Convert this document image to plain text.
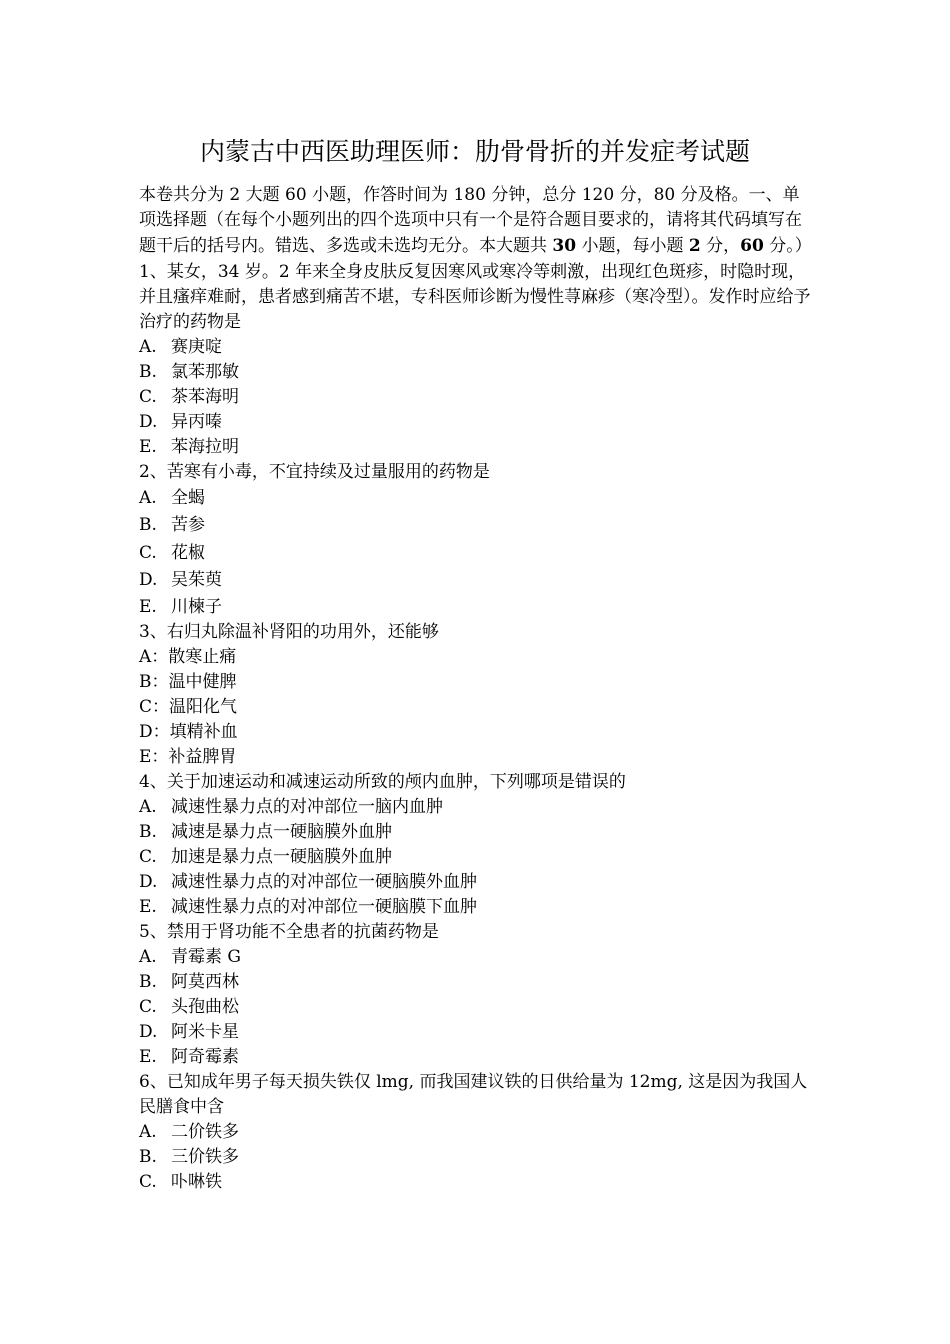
内蒙古中西医助理医师：肋骨骨折的并发症考试题

本卷共分为 2 大题 60 小题，作答时间为 180 分钟，总分 120 分，80 分及格。一、单项选择题（在每个小题列出的四个选项中只有一个是符合题目要求的，请将其代码填写在题干后的括号内。错选、多选或未选均无分。本大题共 30 小题，每小题 2 分，60 分。）

1、某女，34 岁。2 年来全身皮肤反复因寒风或寒冷等刺激，出现红色斑疹，时隐时现，并且瘙痒难耐，患者感到痛苦不堪，专科医师诊断为慢性荨麻疹（寒冷型）。发作时应给予治疗的药物是

A. 赛庚啶

B. 氯苯那敏

C. 茶苯海明

D. 异丙嗪

E. 苯海拉明

2、苦寒有小毒，不宜持续及过量服用的药物是

A. 全蝎

B. 苦参

C. 花椒

D. 吴茱萸

E. 川楝子

3、右归丸除温补肾阳的功用外，还能够

A：散寒止痛

B：温中健脾

C：温阳化气

D：填精补血

E：补益脾胃

4、关于加速运动和减速运动所致的颅内血肿，下列哪项是错误的

A. 减速性暴力点的对冲部位一脑内血肿

B. 减速是暴力点一硬脑膜外血肿

C. 加速是暴力点一硬脑膜外血肿

D. 减速性暴力点的对冲部位一硬脑膜外血肿

E. 减速性暴力点的对冲部位一硬脑膜下血肿

5、禁用于肾功能不全患者的抗菌药物是

A. 青霉素 G

B. 阿莫西林

C. 头孢曲松

D. 阿米卡星

E. 阿奇霉素

6、已知成年男子每天损失铁仅 lmg, 而我国建议铁的日供给量为 12mg, 这是因为我国人民膳食中含

A. 二价铁多

B. 三价铁多

C. 卟啉铁
